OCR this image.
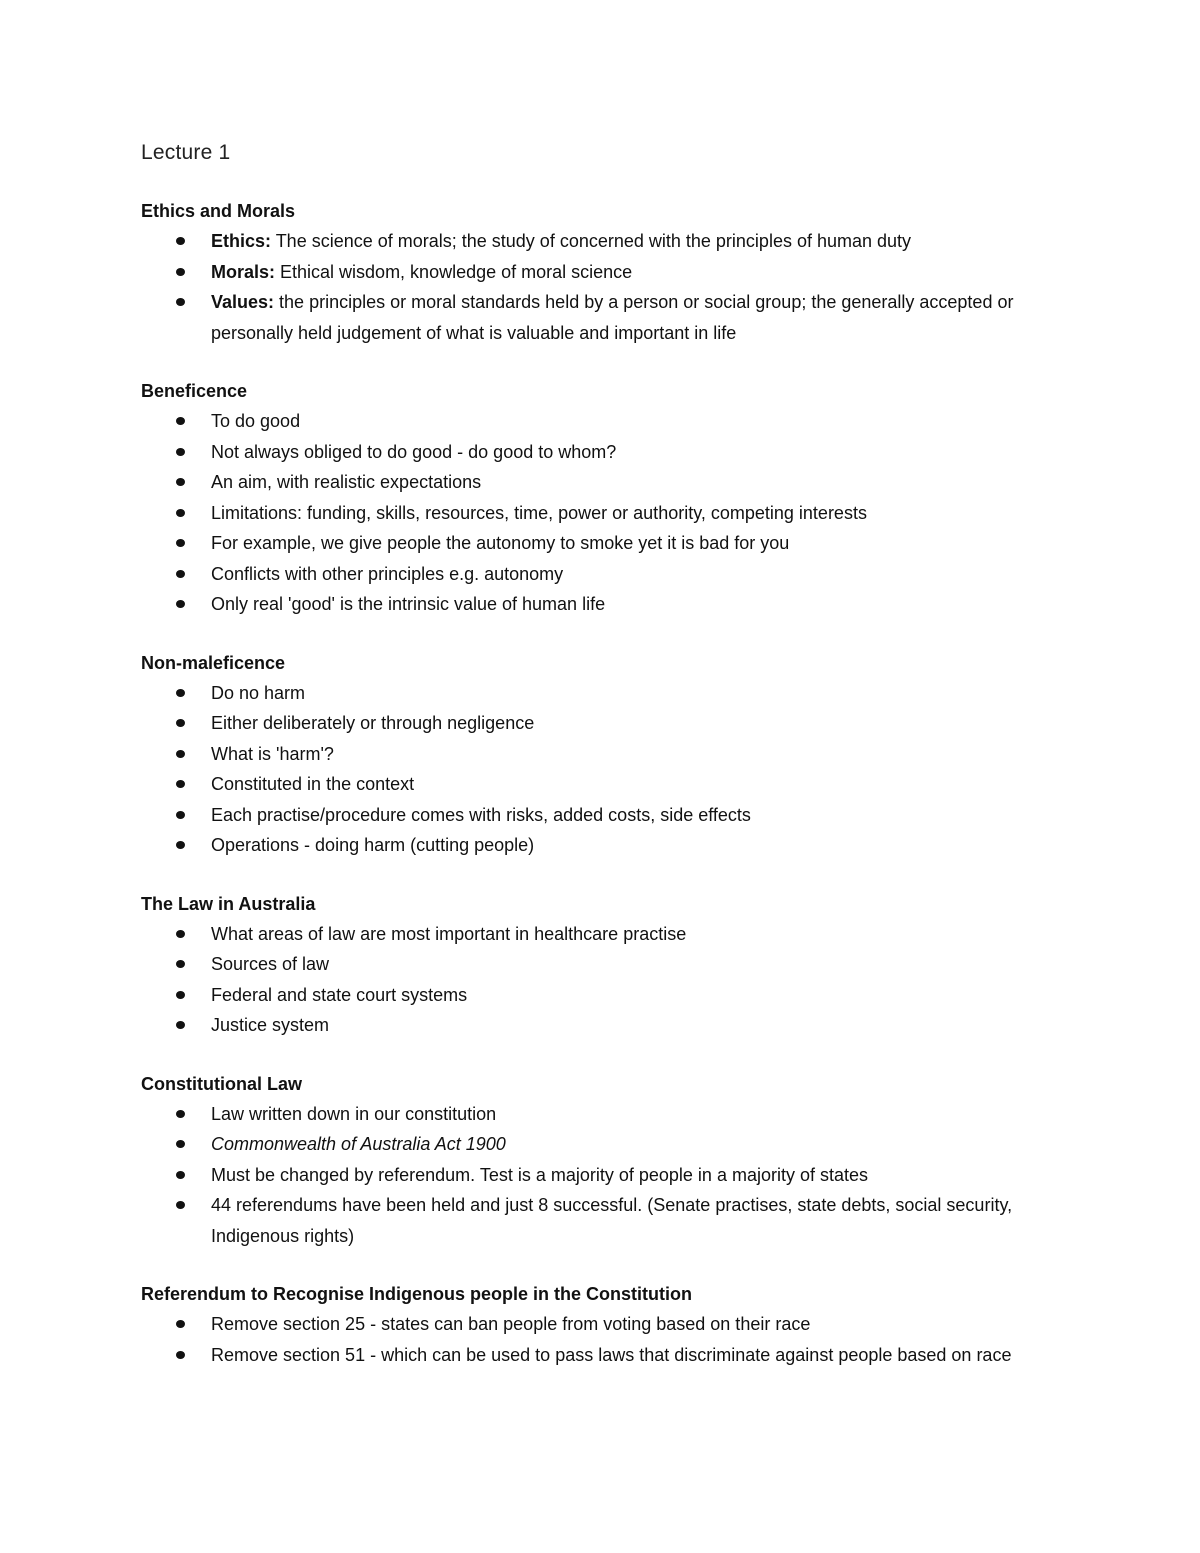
Lecture 1
Ethics and Morals
Ethics: The science of morals; the study of concerned with the principles of human duty
Morals: Ethical wisdom, knowledge of moral science
Values: the principles or moral standards held by a person or social group; the generally accepted or personally held judgement of what is valuable and important in life
Beneficence
To do good
Not always obliged to do good - do good to whom?
An aim, with realistic expectations
Limitations: funding, skills, resources, time, power or authority, competing interests
For example, we give people the autonomy to smoke yet it is bad for you
Conflicts with other principles e.g. autonomy
Only real 'good' is the intrinsic value of human life
Non-maleficence
Do no harm
Either deliberately or through negligence
What is 'harm'?
Constituted in the context
Each practise/procedure comes with risks, added costs, side effects
Operations - doing harm (cutting people)
The Law in Australia
What areas of law are most important in healthcare practise
Sources of law
Federal and state court systems
Justice system
Constitutional Law
Law written down in our constitution
Commonwealth of Australia Act 1900
Must be changed by referendum. Test is a majority of people in a majority of states
44 referendums have been held and just 8 successful. (Senate practises, state debts, social security, Indigenous rights)
Referendum to Recognise Indigenous people in the Constitution
Remove section 25 - states can ban people from voting based on their race
Remove section 51 - which can be used to pass laws that discriminate against people based on race
